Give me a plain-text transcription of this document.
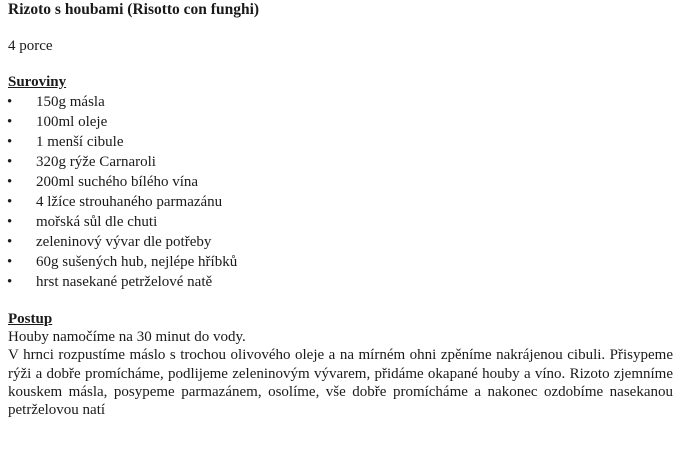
Rizoto s houbami (Risotto con funghi)
4 porce
Suroviny
• 150g másla
• 100ml oleje
• 1 menší cibule
• 320g rýže Carnaroli
• 200ml suchého bílého vína
• 4 lžíce strouhaného parmazánu
• mořská sůl dle chuti
• zeleninový vývar dle potřeby
• 60g sušených hub, nejlépe hříbků
• hrst nasekané petrželové natě
Postup

Houby namočíme na 30 minut do vody.

V hrnci rozpustíme máslo s trochou olivového oleje a na mírném ohni zpěníme nakrájenou cibuli. Přisypeme rýži a dobře promícháme, podlijeme zeleninovým vývarem, přidáme okapané houby a víno. Rizoto zjemníme kouskem másla, posypeme parmazánem, osolíme, vše dobře promícháme a nakonec ozdobíme nasekanou petrželovou natí
